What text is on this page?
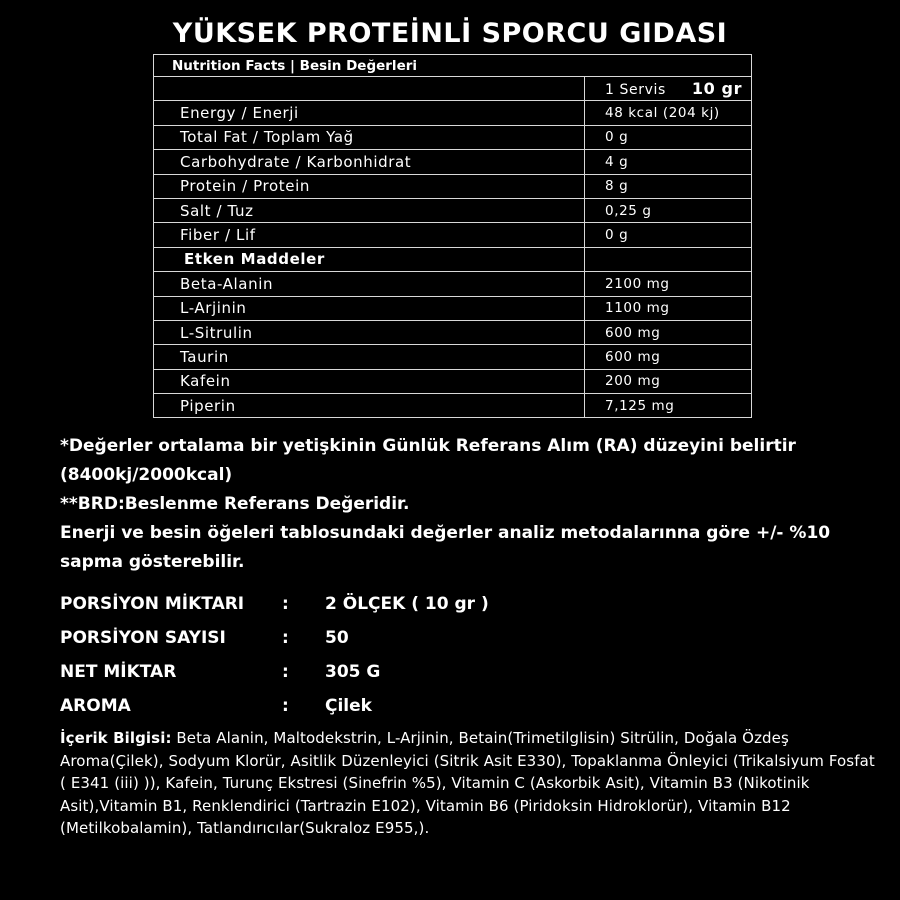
YÜKSEK PROTEİNLİ SPORCU GIDASI
Nutrition Facts | Besin Değerleri	
	1 Servis 10 gr
Energy / Enerji	48 kcal (204 kj)
Total Fat / Toplam Yağ	0 g
Carbohydrate / Karbonhidrat	4 g
Protein / Protein	8 g
Salt / Tuz	0,25 g
Fiber / Lif	0 g
Etken Maddeler	
Beta-Alanin	2100 mg
L-Arjinin	1100 mg
L-Sitrulin	600 mg
Taurin	600 mg
Kafein	200 mg
Piperin	7,125 mg

*Değerler ortalama bir yetişkinin Günlük Referans Alım (RA) düzeyini belirtir (8400kj/2000kcal)

**BRD:Beslenme Referans Değeridir.

Enerji ve besin öğeleri tablosundaki değerler analiz metodalarınna göre +/- %10 sapma gösterebilir.

PORSİYON MİKTARI : 2 ÖLÇEK ( 10 gr )
PORSİYON SAYISI	: 50
NET MİKTAR	: 305 G
AROMA	: Çilek
İçerik Bilgisi: Beta Alanin, Maltodekstrin, L-Arjinin, Betain(Trimetilglisin) Sitrülin, Doğala Özdeş Aroma(Çilek), Sodyum Klorür, Asitlik Düzenleyici (Sitrik Asit E330), Topaklanma Önleyici (Trikalsiyum Fosfat ( E341 (iii) )), Kafein, Turunç Ekstresi (Sinefrin %5), Vitamin C (Askorbik Asit), Vitamin B3 (Nikotinik Asit),Vitamin B1, Renklendirici (Tartrazin E102), Vitamin B6 (Piridoksin Hidroklorür), Vitamin B12 (Metilkobalamin), Tatlandırıcılar(Sukraloz E955,).
